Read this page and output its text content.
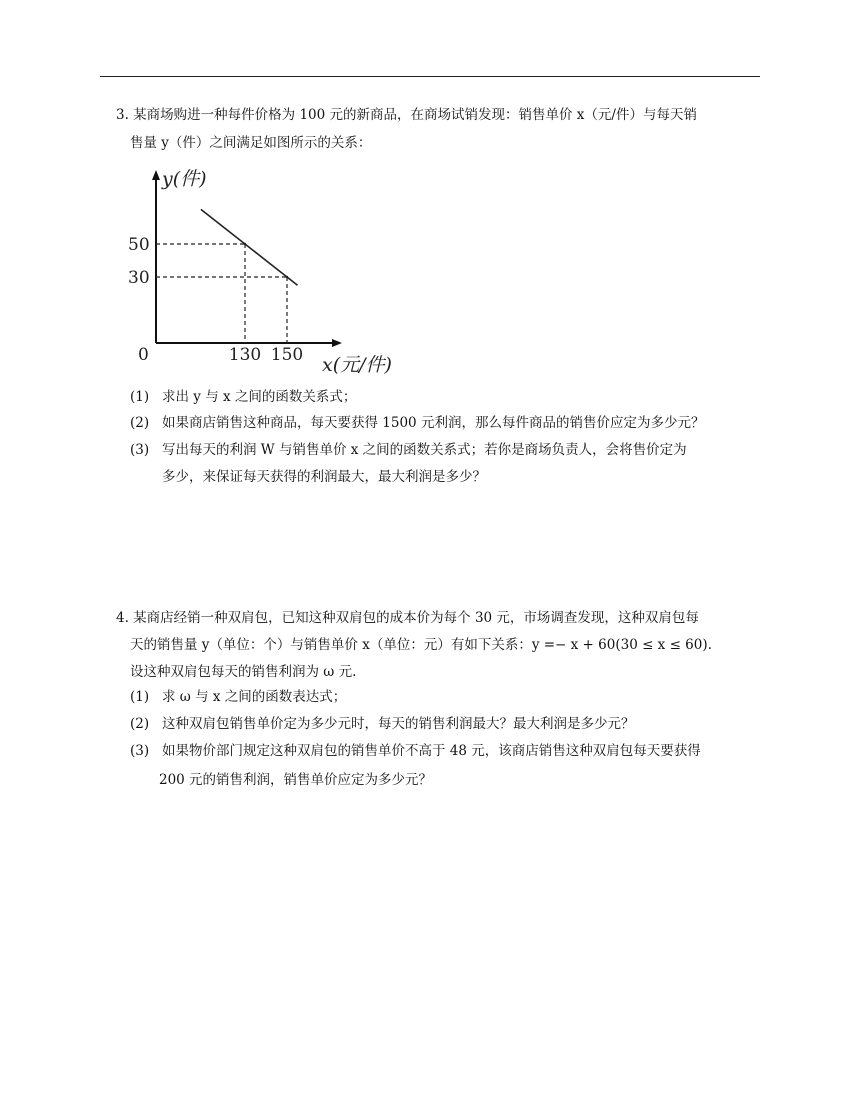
3. 某商场购进一种每件价格为 100 元的新商品，在商场试销发现：销售单价 x（元/件）与每天销
售量 y（件）之间满足如图所示的关系：
y(件)
x(元/件)
0	130 150
50
30
(1) 求出 y 与 x 之间的函数关系式；
(2) 如果商店销售这种商品，每天要获得 1500 元利润，那么每件商品的销售价应定为多少元？
(3) 写出每天的利润 W 与销售单价 x 之间的函数关系式；若你是商场负责人，会将售价定为
多少，来保证每天获得的利润最大，最大利润是多少？
4. 某商店经销一种双肩包，已知这种双肩包的成本价为每个 30 元，市场调查发现，这种双肩包每
天的销售量 y（单位：个）与销售单价 x（单位：元）有如下关系：y =− x + 60(30 ≤ x ≤ 60).
设这种双肩包每天的销售利润为 ω 元.
(1) 求 ω 与 x 之间的函数表达式；
(2) 这种双肩包销售单价定为多少元时，每天的销售利润最大？最大利润是多少元？
(3) 如果物价部门规定这种双肩包的销售单价不高于 48 元，该商店销售这种双肩包每天要获得
200 元的销售利润，销售单价应定为多少元？
